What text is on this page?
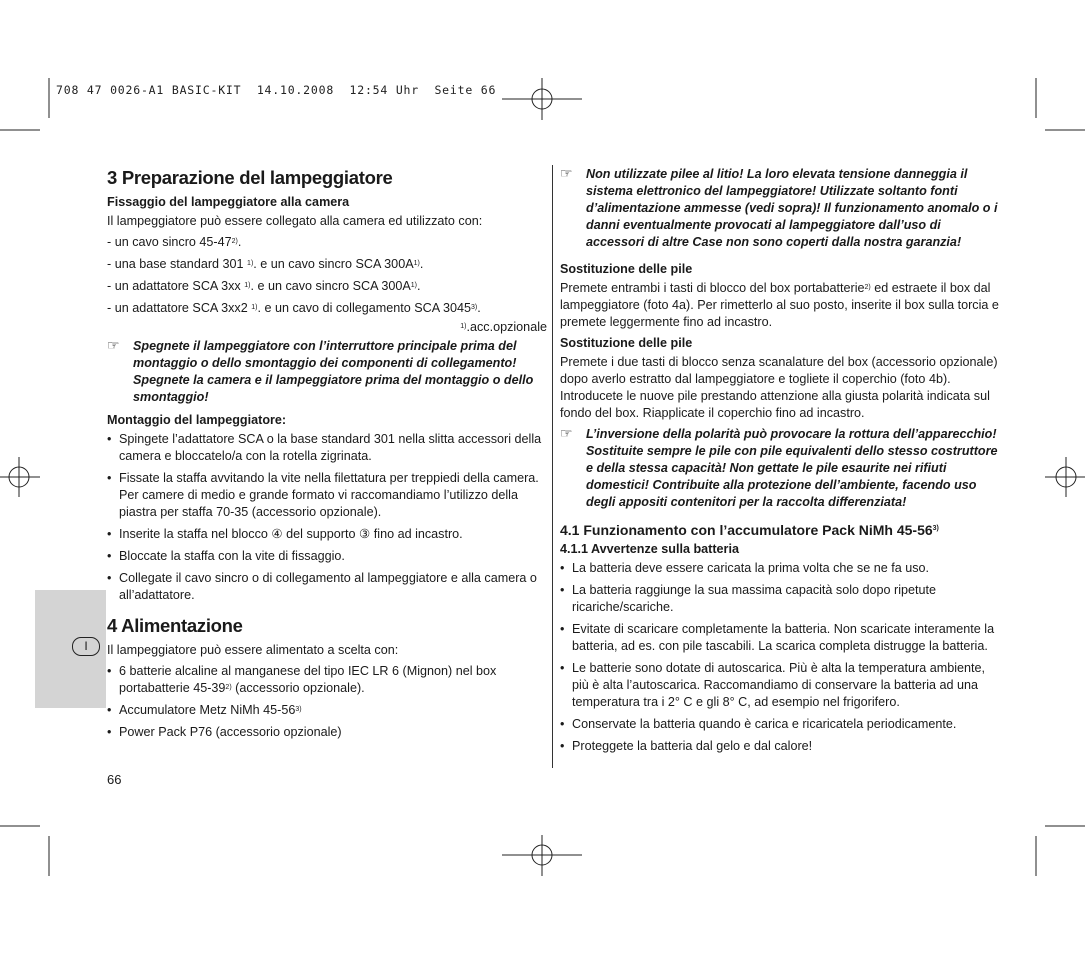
708 47 0026-A1 BASIC-KIT  14.10.2008  12:54 Uhr  Seite 66
I
3 Preparazione del lampeggiatore
Fissaggio del lampeggiatore alla camera

Il lampeggiatore può essere collegato alla camera ed utilizzato con:

- un cavo sincro 45-47$^{2)}$.
- una base standard 301 $^{1)}$. e un cavo sincro SCA $300A^{1)}$.
- un adattatore SCA 3xx $^{1)}$. e un cavo sincro SCA $300A^{1)}$.
- un adattatore SCA 3xx2 $^{1)}$. e un cavo di collegamento SCA 3045$^{3)}$.
$^{1)}$.acc.opzionale
☞ Spegnete il lampeggiatore con l’interruttore principale prima del montaggio o dello smontaggio dei componenti di collegamento! Spegnete la camera e il lampeggiatore prima del montaggio o dello smontaggio!
Montaggio del lampeggiatore:
• Spingete l’adattatore SCA o la base standard 301 nella slitta accessori della camera e bloccatelo/a con la rotella zigrinata.
• Fissate la staffa avvitando la vite nella filettatura per treppiedi della camera. Per camere di medio e grande formato vi raccomandiamo l’utilizzo della piastra per staffa 70-35 (accessorio opzionale).
• Inserite la staffa nel blocco ④ del supporto ③ fino ad incastro.
• Bloccate la staffa con la vite di fissaggio.
• Collegate il cavo sincro o di collegamento al lampeggiatore e alla camera o all’adattatore.
4 Alimentazione

Il lampeggiatore può essere alimentato a scelta con:

• 6 batterie alcaline al manganese del tipo IEC LR 6 (Mignon) nel box portabatterie 45-39$^{2)}$ (accessorio opzionale).
• Accumulatore Metz NiMh 45-56$^{3)}$
• Power Pack P76 (accessorio opzionale)
66
☞ Non utilizzate pilee al litio! La loro elevata tensione danneggia il sistema elettronico del lampeggiatore! Utilizzate soltanto fonti d’alimentazione ammesse (vedi sopra)! Il funzionamento anomalo o i danni eventualmente provocati al lampeggiatore dall’uso di accessori di altre Case non sono coperti dalla nostra garanzia!
Sostituzione delle pile

Premete entrambi i tasti di blocco del box portabatterie$^{2)}$ ed estraete il box dal lampeggiatore (foto 4a). Per rimetterlo al suo posto, inserite il box sulla torcia e premete leggermente fino ad incastro.

Sostituzione delle pile

Premete i due tasti di blocco senza scanalature del box (accessorio opzionale) dopo averlo estratto dal lampeggiatore e togliete il coperchio (foto 4b). Introducete le nuove pile prestando attenzione alla giusta polarità indicata sul fondo del box. Riapplicate il coperchio fino ad incastro.

☞ L’inversione della polarità può provocare la rottura dell’apparecchio! Sostituite sempre le pile con pile equivalenti dello stesso costruttore e della stessa capacità! Non gettate le pile esaurite nei rifiuti domestici! Contribuite alla protezione dell’ambiente, facendo uso degli appositi contenitori per la raccolta differenziata!
4.1 Funzionamento con l’accumulatore Pack NiMh 45-56$^{3)}$
4.1.1 Avvertenze sulla batteria
• La batteria deve essere caricata la prima volta che se ne fa uso.
• La batteria raggiunge la sua massima capacità solo dopo ripetute ricariche/scariche.
• Evitate di scaricare completamente la batteria. Non scaricate interamente la batteria, ad es. con pile tascabili. La scarica completa distrugge la batteria.
• Le batterie sono dotate di autoscarica. Più è alta la temperatura ambiente, più è alta l’autoscarica. Raccomandiamo di conservare la batteria ad una temperatura tra i 2° C e gli 8° C, ad esempio nel frigorifero.
• Conservate la batteria quando è carica e ricaricatela periodicamente.
• Proteggete la batteria dal gelo e dal calore!
